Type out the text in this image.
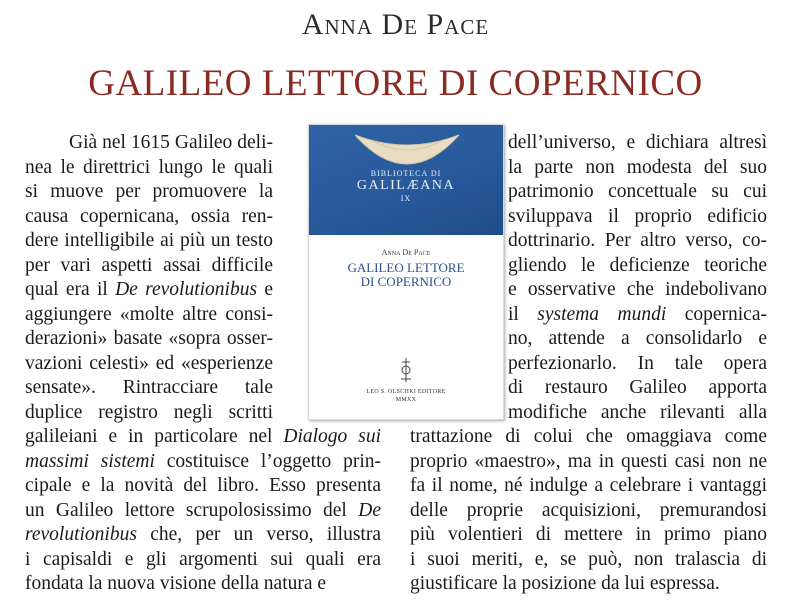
Anna De Pace
GALILEO LETTORE DI COPERNICO
BIBLIOTECA DI
GALILÆANA
IX
Anna De Pace
GALILEO LETTORE
DI COPERNICO
LEO S. OLSCHKI EDITORE
MMXX
Già nel 1615 Galileo deli-
nea le direttrici lungo le quali
si muove per promuovere la
causa copernicana, ossia ren-
dere intelligibile ai più un testo
per vari aspetti assai difficile
qual era il De revolutionibus e
aggiungere «molte altre consi-
derazioni» basate «sopra osser-
vazioni celesti» ed «esperienze
sensate». Rintracciare tale
duplice registro negli scritti
galileiani e in particolare nel Dialogo sui
massimi sistemi costituisce l’oggetto prin-
cipale e la novità del libro. Esso presenta
un Galileo lettore scrupolosissimo del De
revolutionibus che, per un verso, illustra
i capisaldi e gli argomenti sui quali era
fondata la nuova visione della natura e
dell’universo, e dichiara altresì
la parte non modesta del suo
patrimonio concettuale su cui
sviluppava il proprio edificio
dottrinario. Per altro verso, co-
gliendo le deficienze teoriche
e osservative che indebolivano
il systema mundi copernica-
no, attende a consolidarlo e
perfezionarlo. In tale opera
di restauro Galileo apporta
modifiche anche rilevanti alla
trattazione di colui che omaggiava come
proprio «maestro», ma in questi casi non ne
fa il nome, né indulge a celebrare i vantaggi
delle proprie acquisizioni, premurandosi
più volentieri di mettere in primo piano
i suoi meriti, e, se può, non tralascia di
giustificare la posizione da lui espressa.
